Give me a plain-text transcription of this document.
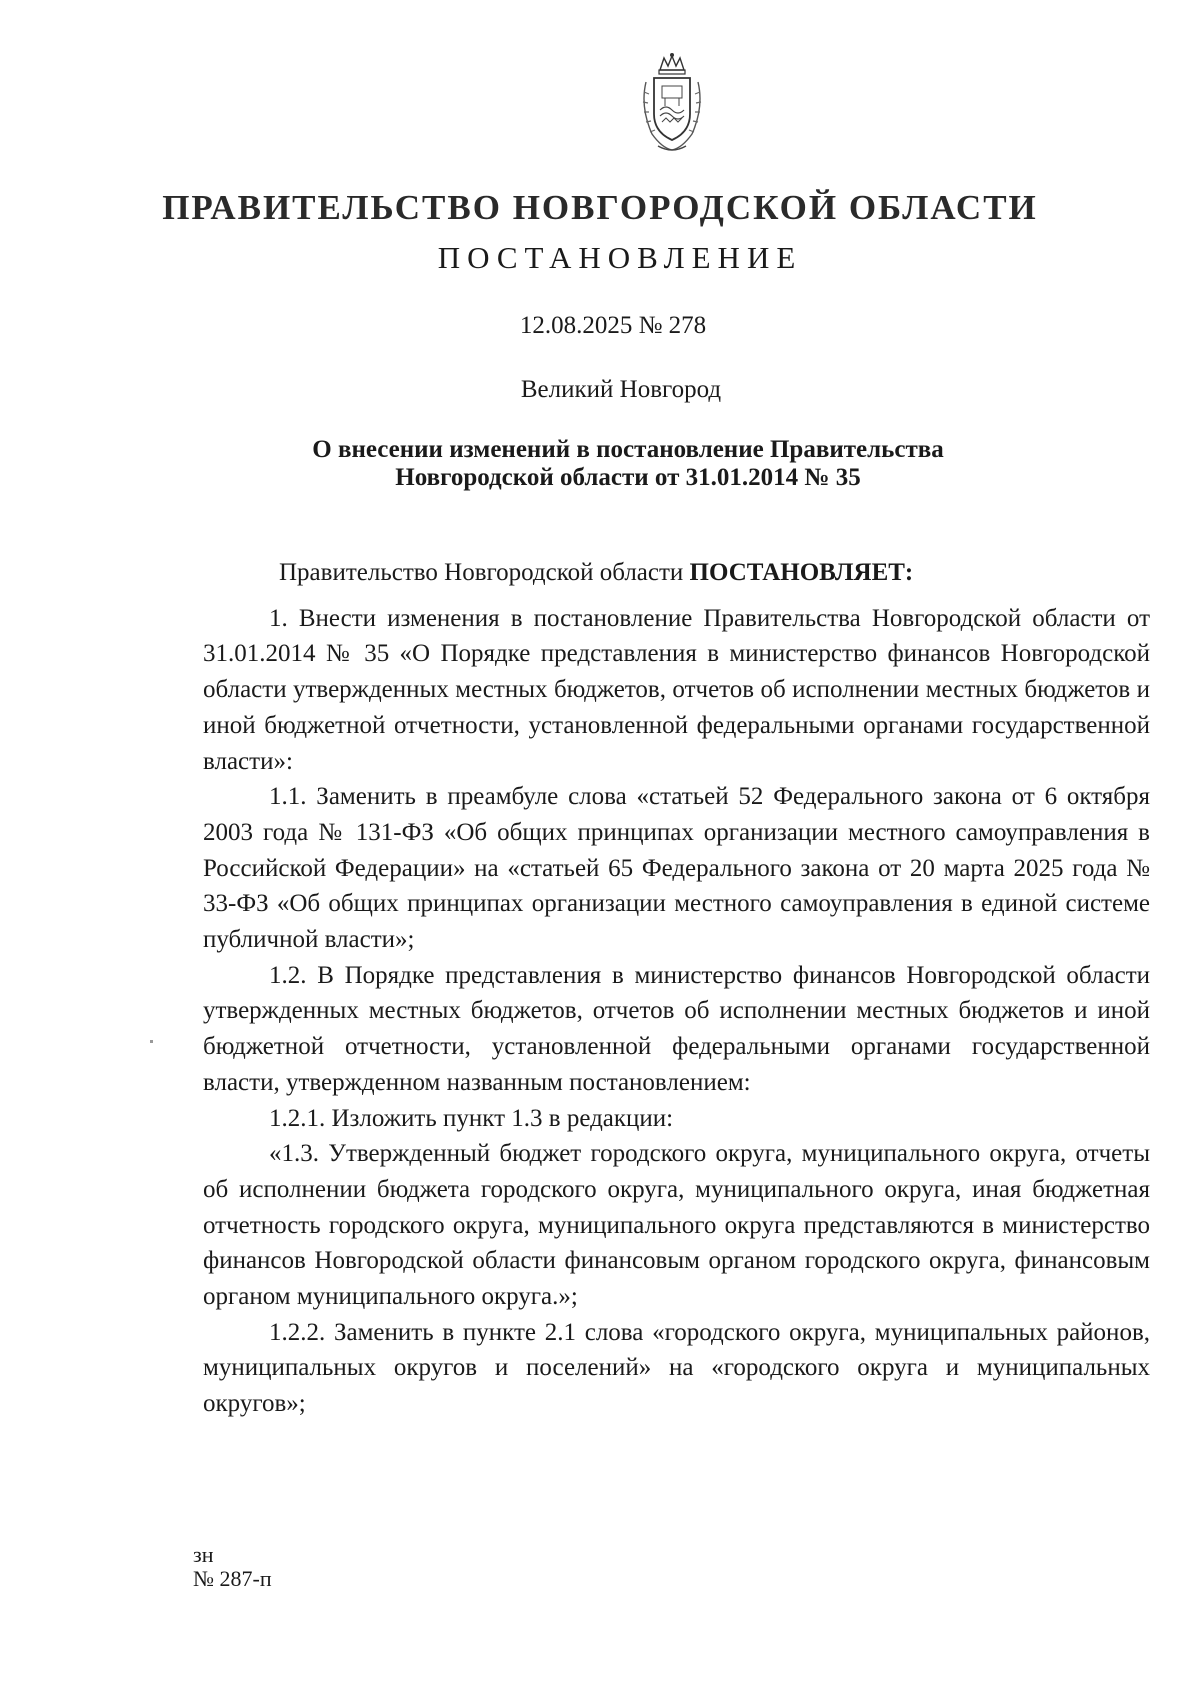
ПРАВИТЕЛЬСТВО НОВГОРОДСКОЙ ОБЛАСТИ
ПОСТАНОВЛЕНИЕ
12.08.2025 № 278
Великий Новгород
О внесении изменений в постановление Правительства
Новгородской области от 31.01.2014 № 35

Правительство Новгородской области ПОСТАНОВЛЯЕТ:

1. Внести изменения в постановление Правительства Новгородской области от 31.01.2014 № 35 «О Порядке представления в министерство финансов Новгородской области утвержденных местных бюджетов, отчетов об исполнении местных бюджетов и иной бюджетной отчетности, установленной федеральными органами государственной власти»:

1.1. Заменить в преамбуле слова «статьей 52 Федерального закона от 6 октября 2003 года № 131-ФЗ «Об общих принципах организации местного самоуправления в Российской Федерации» на «статьей 65 Федерального закона от 20 марта 2025 года № 33-ФЗ «Об общих принципах организации местного самоуправления в единой системе публичной власти»;

1.2. В Порядке представления в министерство финансов Новгородской области утвержденных местных бюджетов, отчетов об исполнении местных бюджетов и иной бюджетной отчетности, установленной федеральными органами государственной власти, утвержденном названным постановлением:

1.2.1. Изложить пункт 1.3 в редакции:

«1.3. Утвержденный бюджет городского округа, муниципального округа, отчеты об исполнении бюджета городского округа, муниципального округа, иная бюджетная отчетность городского округа, муниципального округа представляются в министерство финансов Новгородской области финансовым органом городского округа, финансовым органом муниципального округа.»;

1.2.2. Заменить в пункте 2.1 слова «городского округа, муниципальных районов, муниципальных округов и поселений» на «городского округа и муниципальных округов»;

зн
№ 287-п
